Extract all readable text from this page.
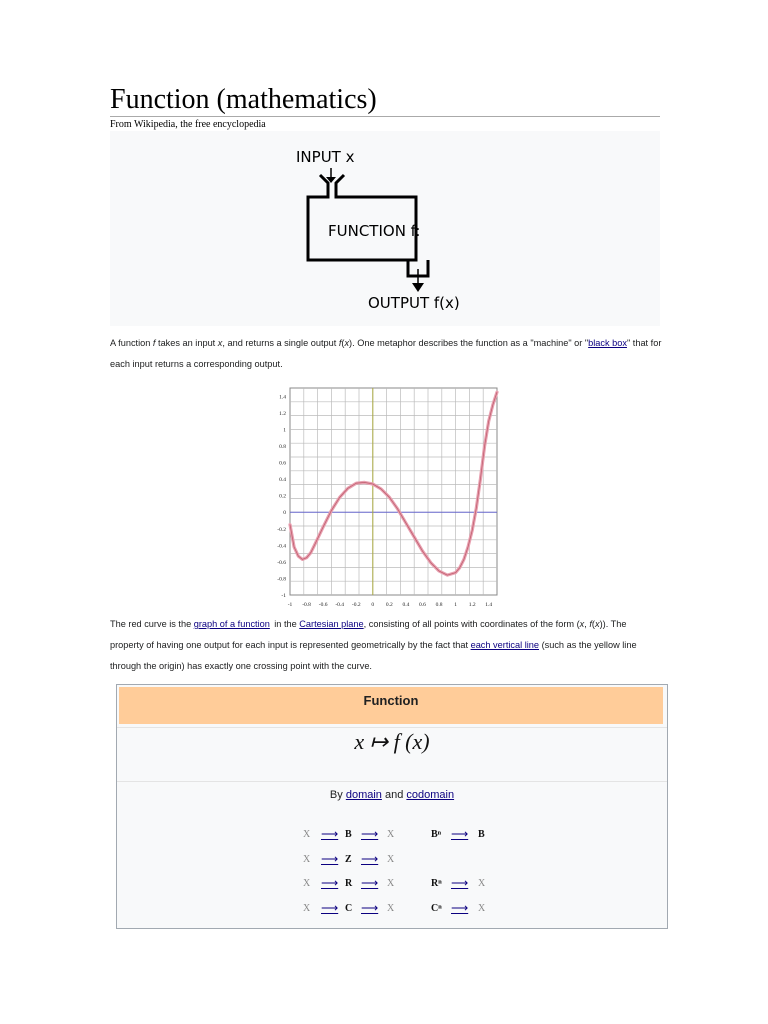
Function (mathematics)
From Wikipedia, the free encyclopedia
INPUT x
FUNCTION f:
OUTPUT f(x)

A function f takes an input x, and returns a single output f(x). One metaphor describes the function as a "machine" or "black box" that for each input returns a corresponding output.

1.4
1.2
1
0.8
0.6
0.4
0.2
0
-0.2
-0.4
-0.6
-0.8
-1
-1 -0.8 -0.6 -0.4 -0.2 0 0.2 0.4 0.6 0.8 1 1.2 1.4

The red curve is the graph of a function  in the Cartesian plane, consisting of all points with coordinates of the form (x, f(x)). The property of having one output for each input is represented geometrically by the fact that each vertical line (such as the yellow line through the origin) has exactly one crossing point with the curve.

Function
x ↦ f (x)
By domain and codomain
X ⟶ B ⟶ X	Bⁿ ⟶ B
X ⟶ Z ⟶ X
X ⟶ R ⟶ X	Rⁿ ⟶ X
X ⟶ C ⟶ X	Cⁿ ⟶ X
